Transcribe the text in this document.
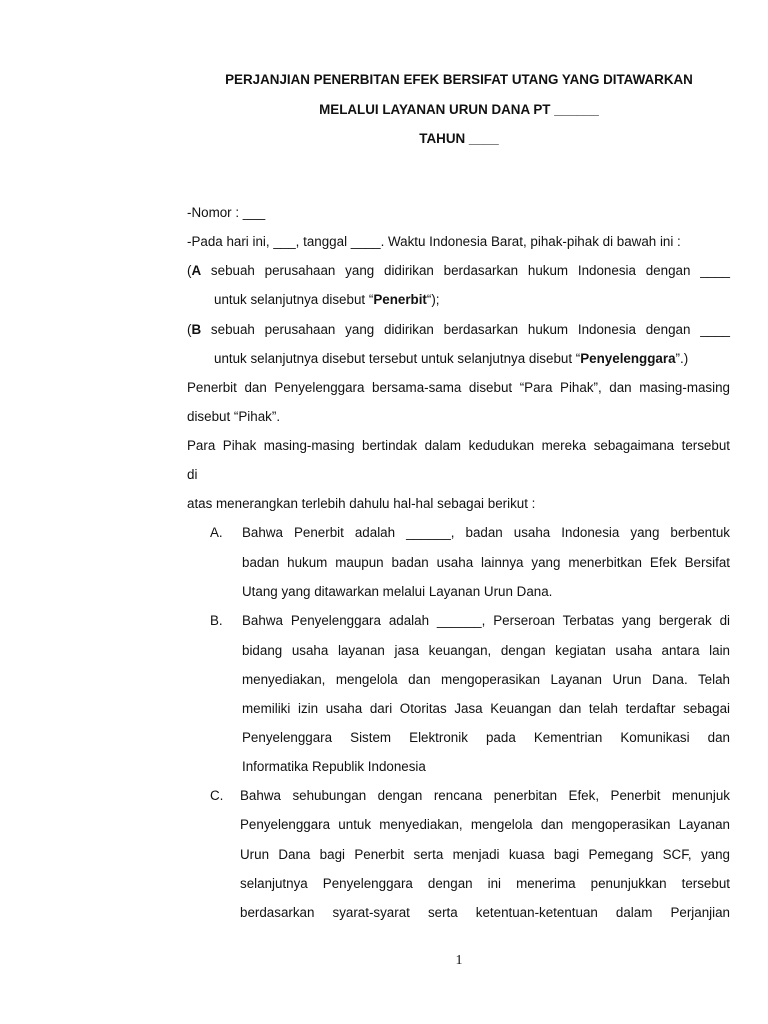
PERJANJIAN PENERBITAN EFEK BERSIFAT UTANG YANG DITAWARKAN
MELALUI LAYANAN URUN DANA PT ______
TAHUN ____
-Nomor : ___
-Pada hari ini, ___, tanggal ____. Waktu Indonesia Barat, pihak-pihak di bawah ini :
(A sebuah perusahaan yang didirikan berdasarkan hukum Indonesia dengan ____
untuk selanjutnya disebut “Penerbit“);
(B sebuah perusahaan yang didirikan berdasarkan hukum Indonesia dengan ____
untuk selanjutnya disebut tersebut untuk selanjutnya disebut “Penyelenggara”.)
Penerbit dan Penyelenggara bersama-sama disebut “Para Pihak”, dan masing-masing
disebut “Pihak”.
Para Pihak masing-masing bertindak dalam kedudukan mereka sebagaimana tersebut
di
atas menerangkan terlebih dahulu hal-hal sebagai berikut :
A. Bahwa Penerbit adalah ______, badan usaha Indonesia yang berbentuk
badan hukum maupun badan usaha lainnya yang menerbitkan Efek Bersifat
Utang yang ditawarkan melalui Layanan Urun Dana.
B. Bahwa Penyelenggara adalah ______, Perseroan Terbatas yang bergerak di
bidang usaha layanan jasa keuangan, dengan kegiatan usaha antara lain
menyediakan, mengelola dan mengoperasikan Layanan Urun Dana. Telah
memiliki izin usaha dari Otoritas Jasa Keuangan dan telah terdaftar sebagai
Penyelenggara Sistem Elektronik pada Kementrian Komunikasi dan
Informatika Republik Indonesia
C. Bahwa sehubungan dengan rencana penerbitan Efek, Penerbit menunjuk
Penyelenggara untuk menyediakan, mengelola dan mengoperasikan Layanan
Urun Dana bagi Penerbit serta menjadi kuasa bagi Pemegang SCF, yang
selanjutnya Penyelenggara dengan ini menerima penunjukkan tersebut
berdasarkan syarat-syarat serta ketentuan-ketentuan dalam Perjanjian
1
